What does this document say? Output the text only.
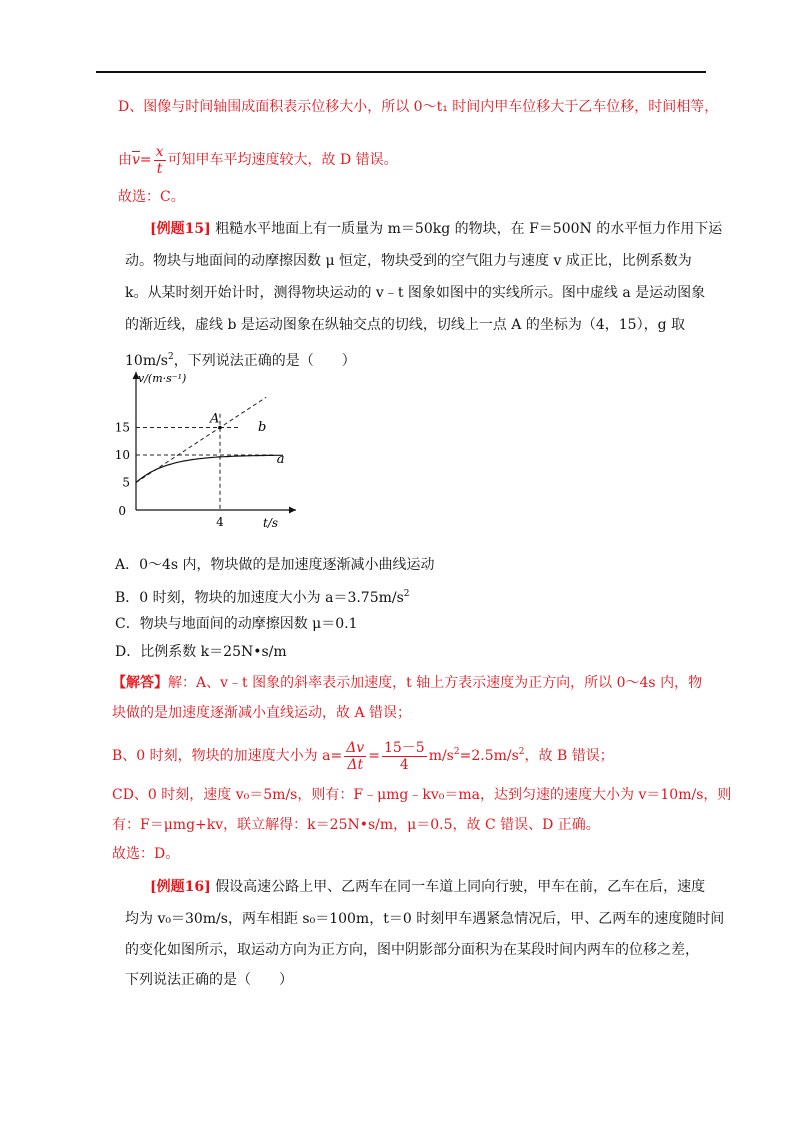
D、图像与时间轴围成面积表示位移大小，所以 0～t₁ 时间内甲车位移大于乙车位移，时间相等，
由$\overline{v}= \frac{x}{t}$ 可知甲车平均速度较大，故 D 错误。
故选：C。
[例题15] 粗糙水平地面上有一质量为 m＝50kg 的物块，在 F＝500N 的水平恒力作用下运
动。物块与地面间的动摩擦因数 μ 恒定，物块受到的空气阻力与速度 v 成正比，比例系数为
k。从某时刻开始计时，测得物块运动的 v﹣t 图象如图中的实线所示。图中虚线 a 是运动图象
的渐近线，虚线 b 是运动图象在纵轴交点的切线，切线上一点 A 的坐标为（4，15），g 取
$10m/s^2$，下列说法正确的是（　　）
A
b
a
5
10
15
0
4	t/s
v/(m·s⁻¹)
A．0～4s 内，物块做的是加速度逐渐减小曲线运动
B．0 时刻，物块的加速度大小为 $a=3.75m/s^2$
C．物块与地面间的动摩擦因数 μ＝0.1
D．比例系数 k＝25N•s/m
【解答】解：A、v﹣t 图象的斜率表示加速度，t 轴上方表示速度为正方向，所以 0～4s 内，物
块做的是加速度逐渐减小直线运动，故 A 错误；
B、0 时刻，物块的加速度大小为 $a= \frac{\Delta v}{\Delta t} = \frac{15-5}{4} m/s^2=2.5m/s^2$，故 B 错误；
CD、0 时刻，速度 v₀＝5m/s，则有：F﹣μmg﹣kv₀＝ma，达到匀速的速度大小为 v＝10m/s，则
有：F＝μmg+kv，联立解得：k＝25N•s/m，μ＝0.5，故 C 错误、D 正确。
故选：D。
[例题16] 假设高速公路上甲、乙两车在同一车道上同向行驶，甲车在前，乙车在后，速度
均为 v₀＝30m/s，两车相距 s₀＝100m，t＝0 时刻甲车遇紧急情况后，甲、乙两车的速度随时间
的变化如图所示，取运动方向为正方向，图中阴影部分面积为在某段时间内两车的位移之差，
下列说法正确的是（　　）
